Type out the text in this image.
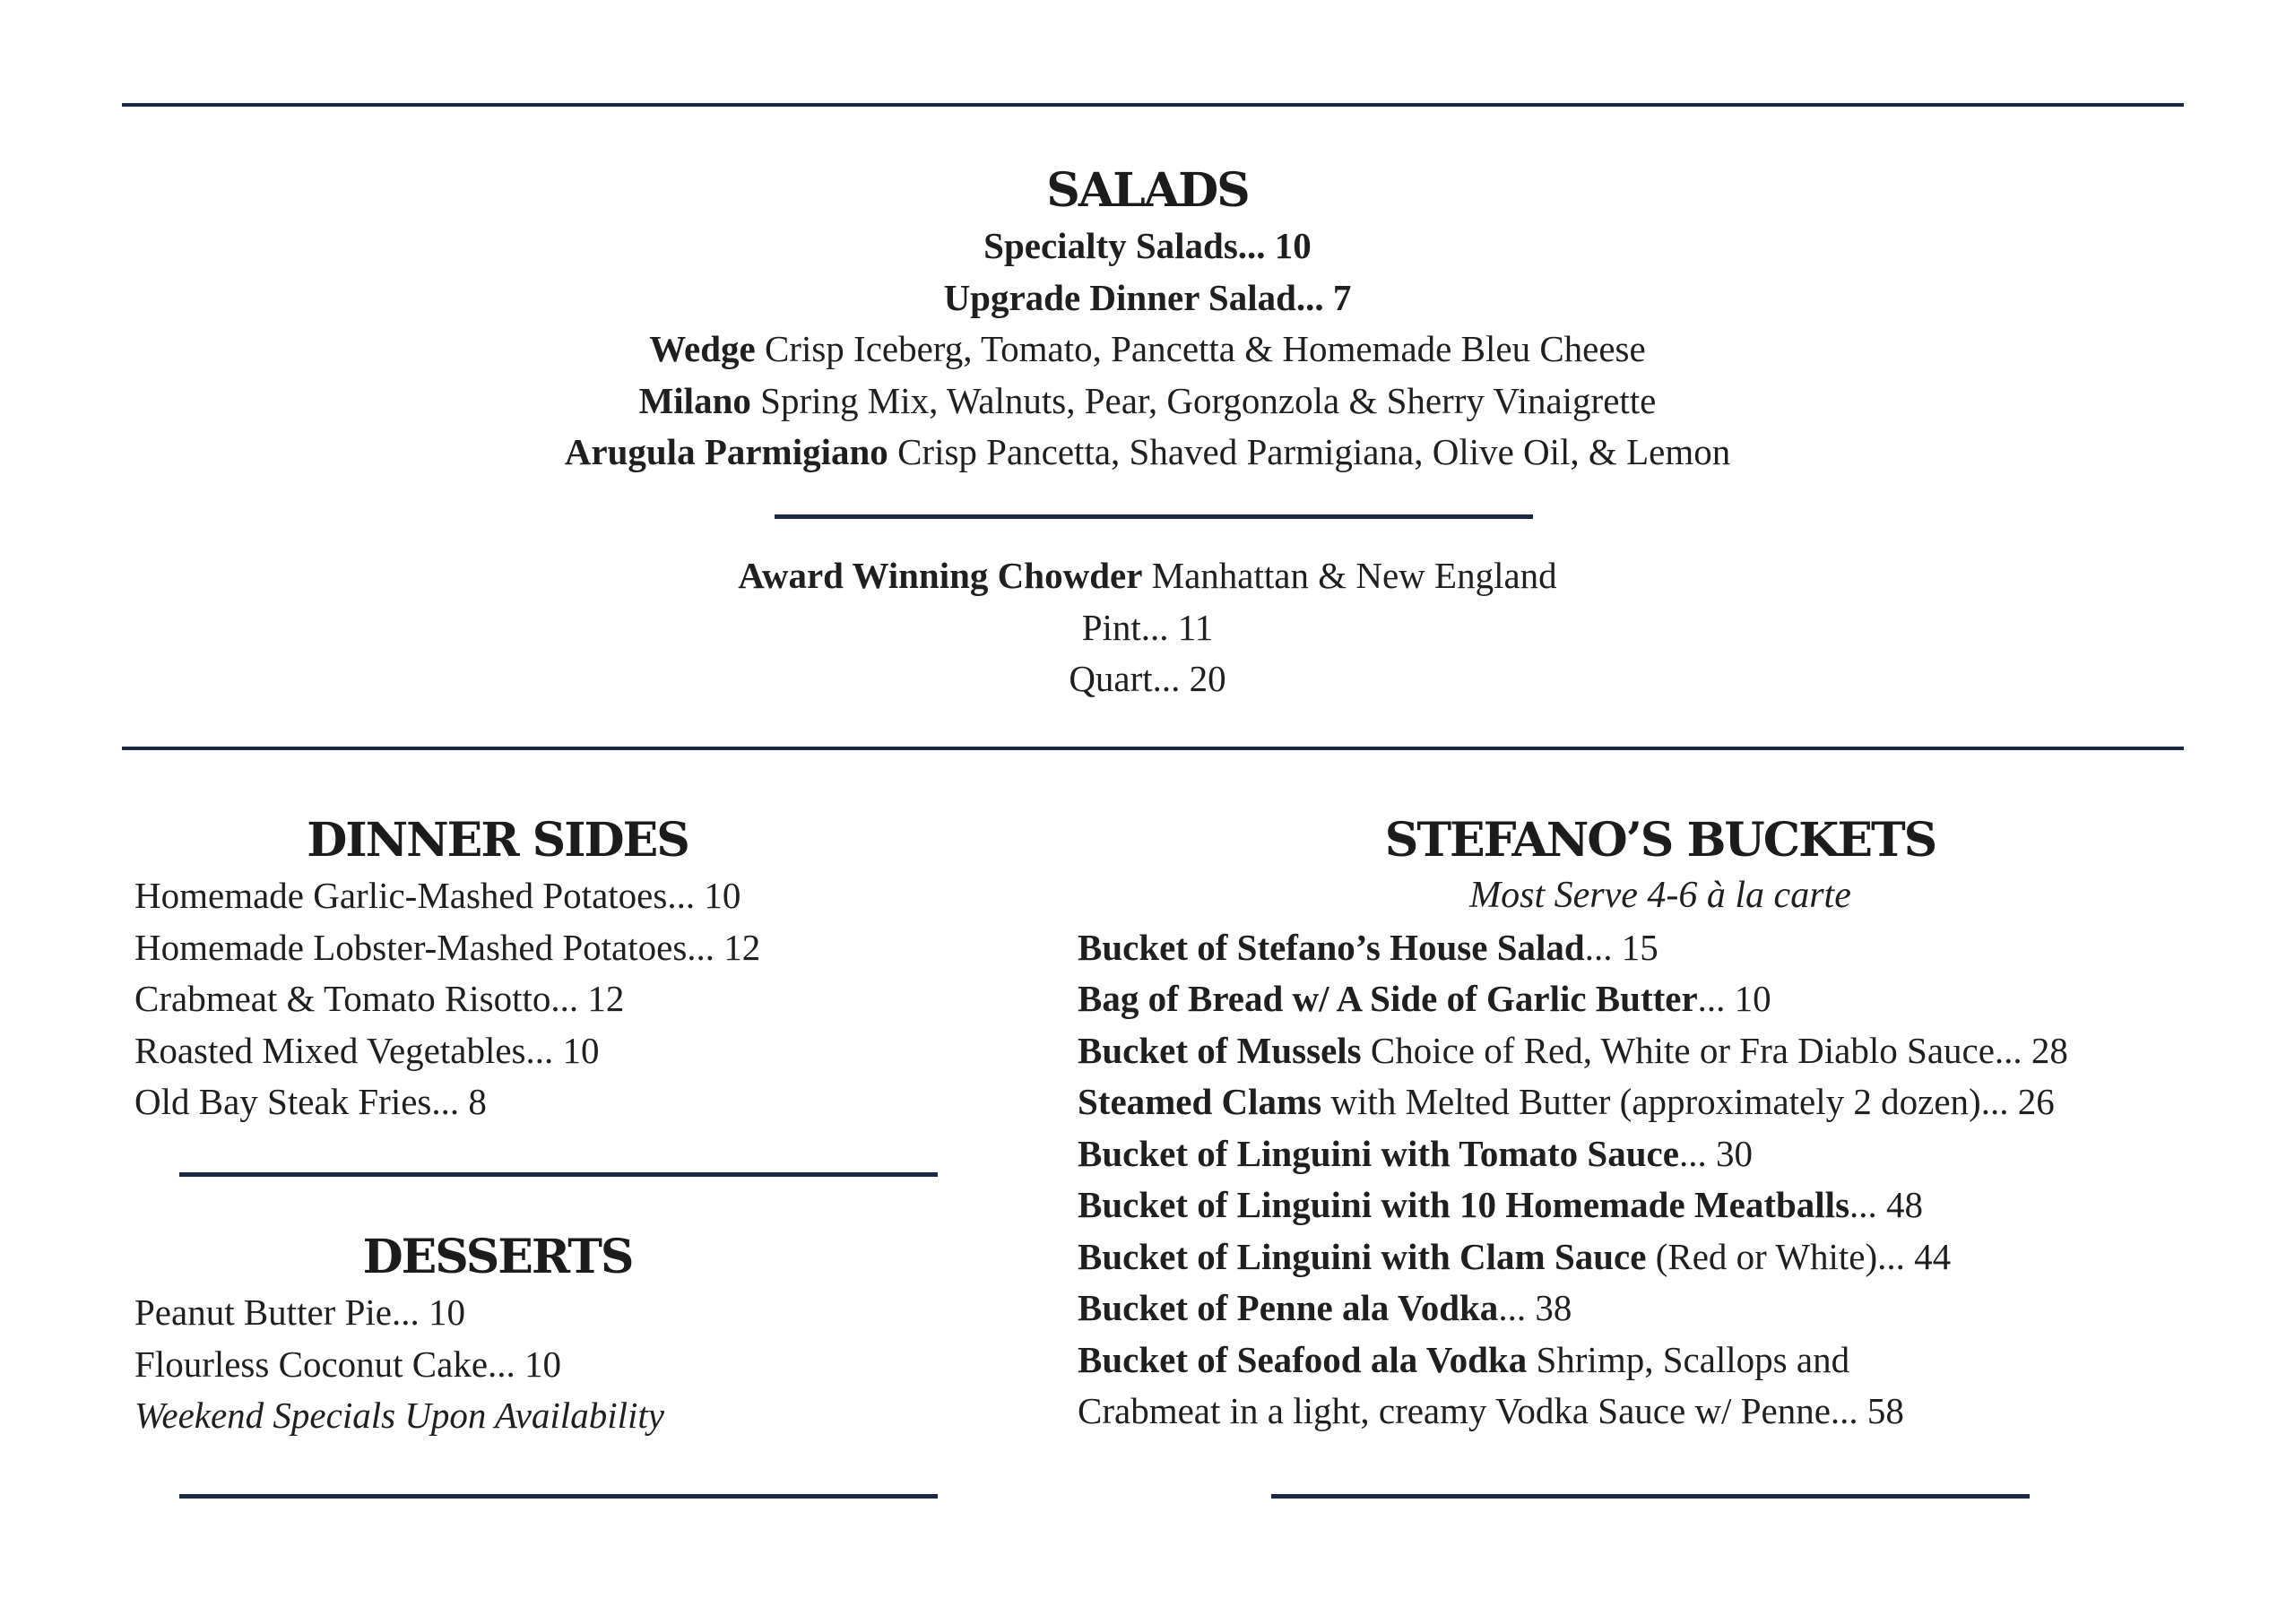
SALADS
Specialty Salads... 10
Upgrade Dinner Salad... 7
Wedge Crisp Iceberg, Tomato, Pancetta & Homemade Bleu Cheese
Milano Spring Mix, Walnuts, Pear, Gorgonzola & Sherry Vinaigrette
Arugula Parmigiano Crisp Pancetta, Shaved Parmigiana, Olive Oil, & Lemon
Award Winning Chowder Manhattan & New England
Pint... 11
Quart... 20
DINNER SIDES
Homemade Garlic-Mashed Potatoes... 10
Homemade Lobster-Mashed Potatoes... 12
Crabmeat & Tomato Risotto... 12
Roasted Mixed Vegetables... 10
Old Bay Steak Fries... 8
DESSERTS
Peanut Butter Pie... 10
Flourless Coconut Cake... 10
Weekend Specials Upon Availability
STEFANO’S BUCKETS
Most Serve 4-6 à la carte
Bucket of Stefano’s House Salad... 15
Bag of Bread w/ A Side of Garlic Butter... 10
Bucket of Mussels Choice of Red, White or Fra Diablo Sauce... 28
Steamed Clams with Melted Butter (approximately 2 dozen)... 26
Bucket of Linguini with Tomato Sauce... 30
Bucket of Linguini with 10 Homemade Meatballs... 48
Bucket of Linguini with Clam Sauce (Red or White)... 44
Bucket of Penne ala Vodka... 38
Bucket of Seafood ala Vodka Shrimp, Scallops and
Crabmeat in a light, creamy Vodka Sauce w/ Penne... 58
